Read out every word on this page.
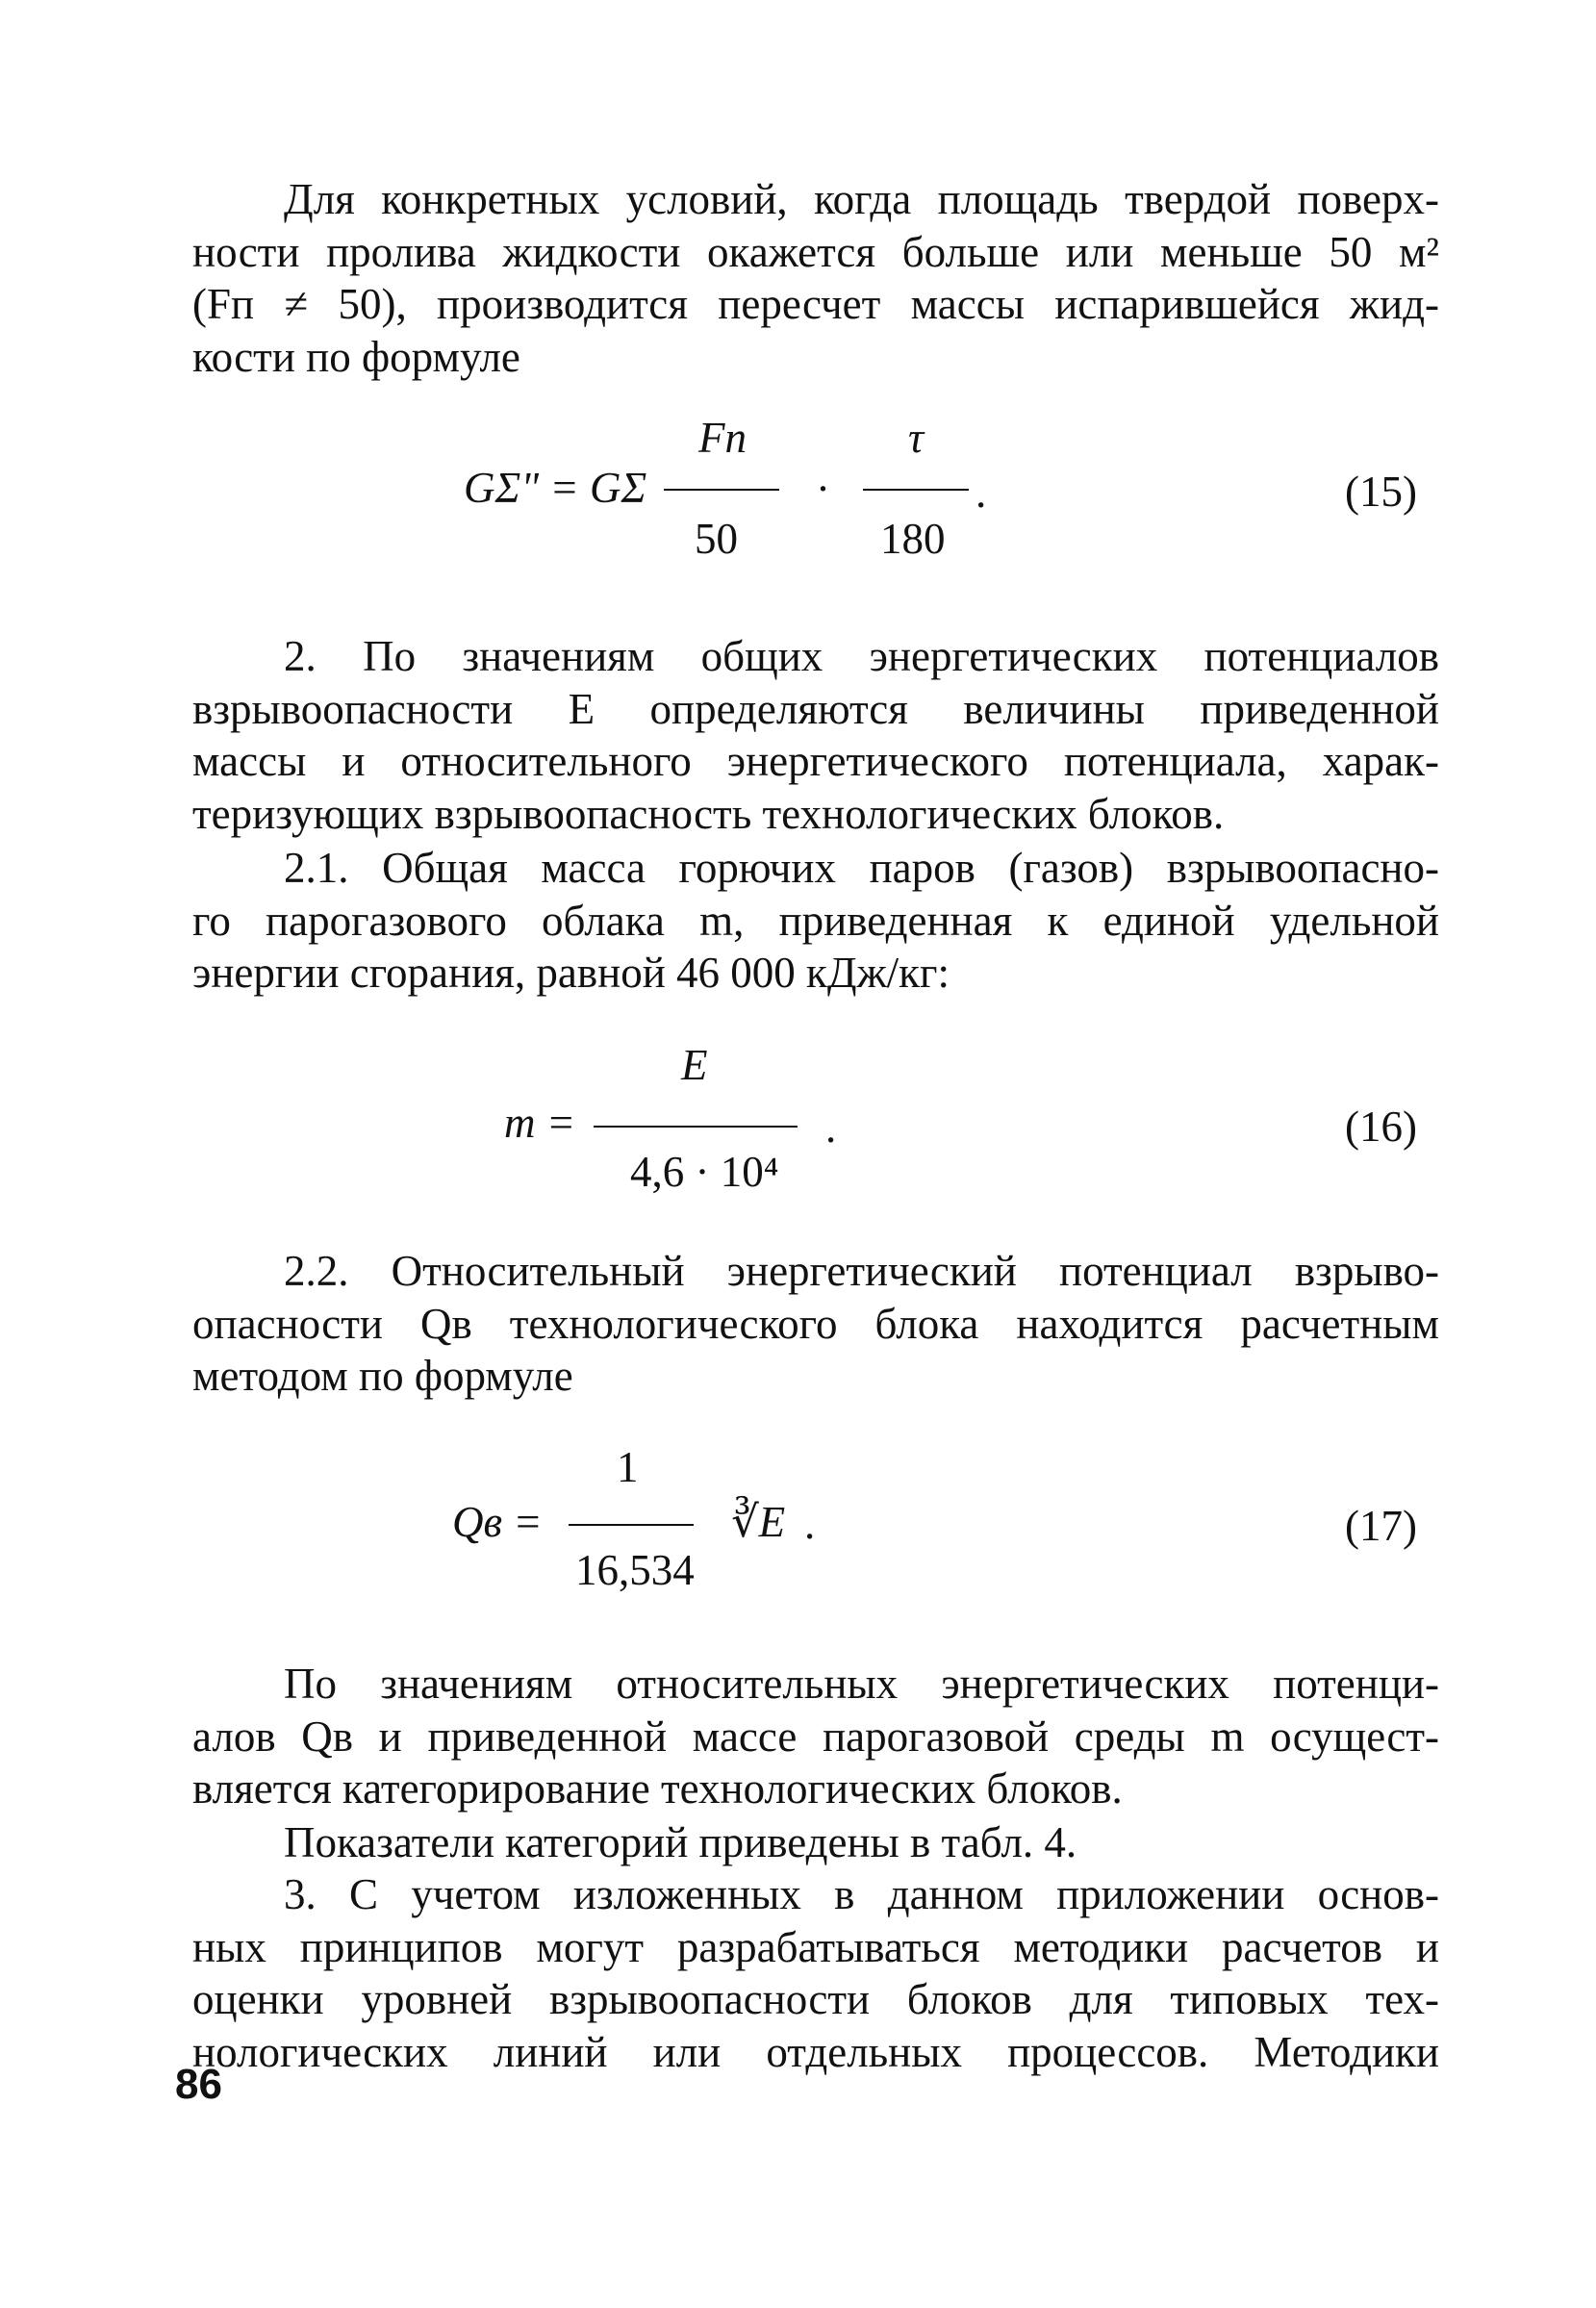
Для конкретных условий, когда площадь твердой поверх-
ности пролива жидкости окажется больше или меньше 50 м²
(Fп ≠ 50), производится пересчет массы испарившейся жид-
кости по формуле
GΣ" = GΣ
Fп
50
·
τ
180
.	(15)
2. По значениям общих энергетических потенциалов
взрывоопасности E определяются величины приведенной
массы и относительного энергетического потенциала, харак-
теризующих взрывоопасность технологических блоков.
2.1. Общая масса горючих паров (газов) взрывоопасно-
го парогазового облака m, приведенная к единой удельной
энергии сгорания, равной 46 000 кДж/кг:
m =
E
4,6 · 10⁴
.	(16)
2.2. Относительный энергетический потенциал взрыво-
опасности Qв технологического блока находится расчетным
методом по формуле
Qв =
1
16,534
∛E .	(17)
По значениям относительных энергетических потенци-
алов Qв и приведенной массе парогазовой среды m осущест-
вляется категорирование технологических блоков.
Показатели категорий приведены в табл. 4.
3. С учетом изложенных в данном приложении основ-
ных принципов могут разрабатываться методики расчетов и
оценки уровней взрывоопасности блоков для типовых тех-
нологических линий или отдельных процессов. Методики
86
